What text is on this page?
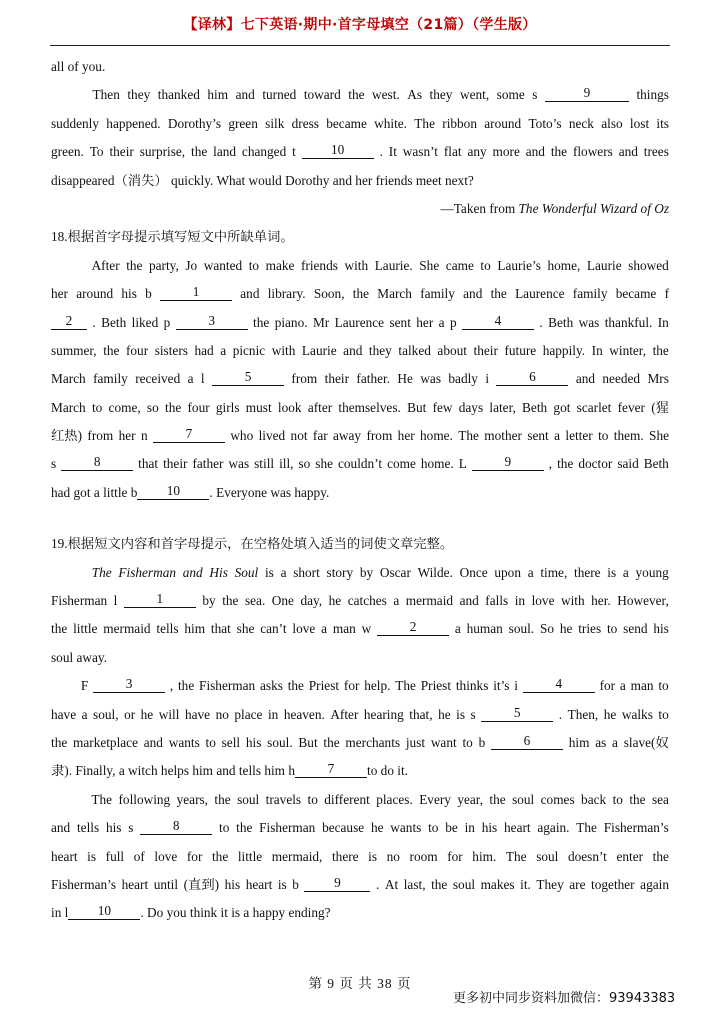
【译林】七下英语·期中·首字母填空（21篇）（学生版）
all of you.
Then they thanked him and turned toward the west. As they went, some s	9	things
suddenly happened. Dorothy’s green silk dress became white. The ribbon around Toto’s neck also lost its
green. To their surprise, the land changed t	10	. It wasn’t flat any more and the flowers and trees
disappeared（消失） quickly. What would Dorothy and her friends meet next?
—Taken from The Wonderful Wizard of Oz
18.根据首字母提示填写短文中所缺单词。
After the party, Jo wanted to make friends with Laurie. She came to Laurie’s home, Laurie showed
her around his b	1	and library. Soon, the March family and the Laurence family became f
2	. Beth liked p	3	the piano. Mr Laurence sent her a p	4	. Beth was thankful. In
summer, the four sisters had a picnic with Laurie and they talked about their future happily. In winter, the
March family received a l	5	from their father. He was badly i	6	and needed Mrs
March to come, so the four girls must look after themselves. But few days later, Beth got scarlet fever (猩
红热) from her n	7	who lived not far away from her home. The mother sent a letter to them. She
s	8	that their father was still ill, so she couldn’t come home. L	9	, the doctor said Beth
had got a little b	10	. Everyone was happy.
19.根据短文内容和首字母提示，在空格处填入适当的词使文章完整。
The Fisherman and His Soul is a short story by Oscar Wilde. Once upon a time, there is a young
Fisherman l	1	by the sea. One day, he catches a mermaid and falls in love with her. However,
the little mermaid tells him that she can’t love a man w	2	a human soul. So he tries to send his
soul away.
F	3	, the Fisherman asks the Priest for help. The Priest thinks it’s i	4	for a man to
have a soul, or he will have no place in heaven. After hearing that, he is s	5	. Then, he walks to
the marketplace and wants to sell his soul. But the merchants just want to b	6	him as a slave(奴
隶). Finally, a witch helps him and tells him h	7	to do it.
The following years, the soul travels to different places. Every year, the soul comes back to the sea
and tells his s	8	to the Fisherman because he wants to be in his heart again. The Fisherman’s
heart is full of love for the little mermaid, there is no room for him. The soul doesn’t enter the
Fisherman’s heart until (直到) his heart is b	9	. At last, the soul makes it. They are together again
in l	10	. Do you think it is a happy ending?
第 9 页 共 38 页
更多初中同步资料加微信：93943383
